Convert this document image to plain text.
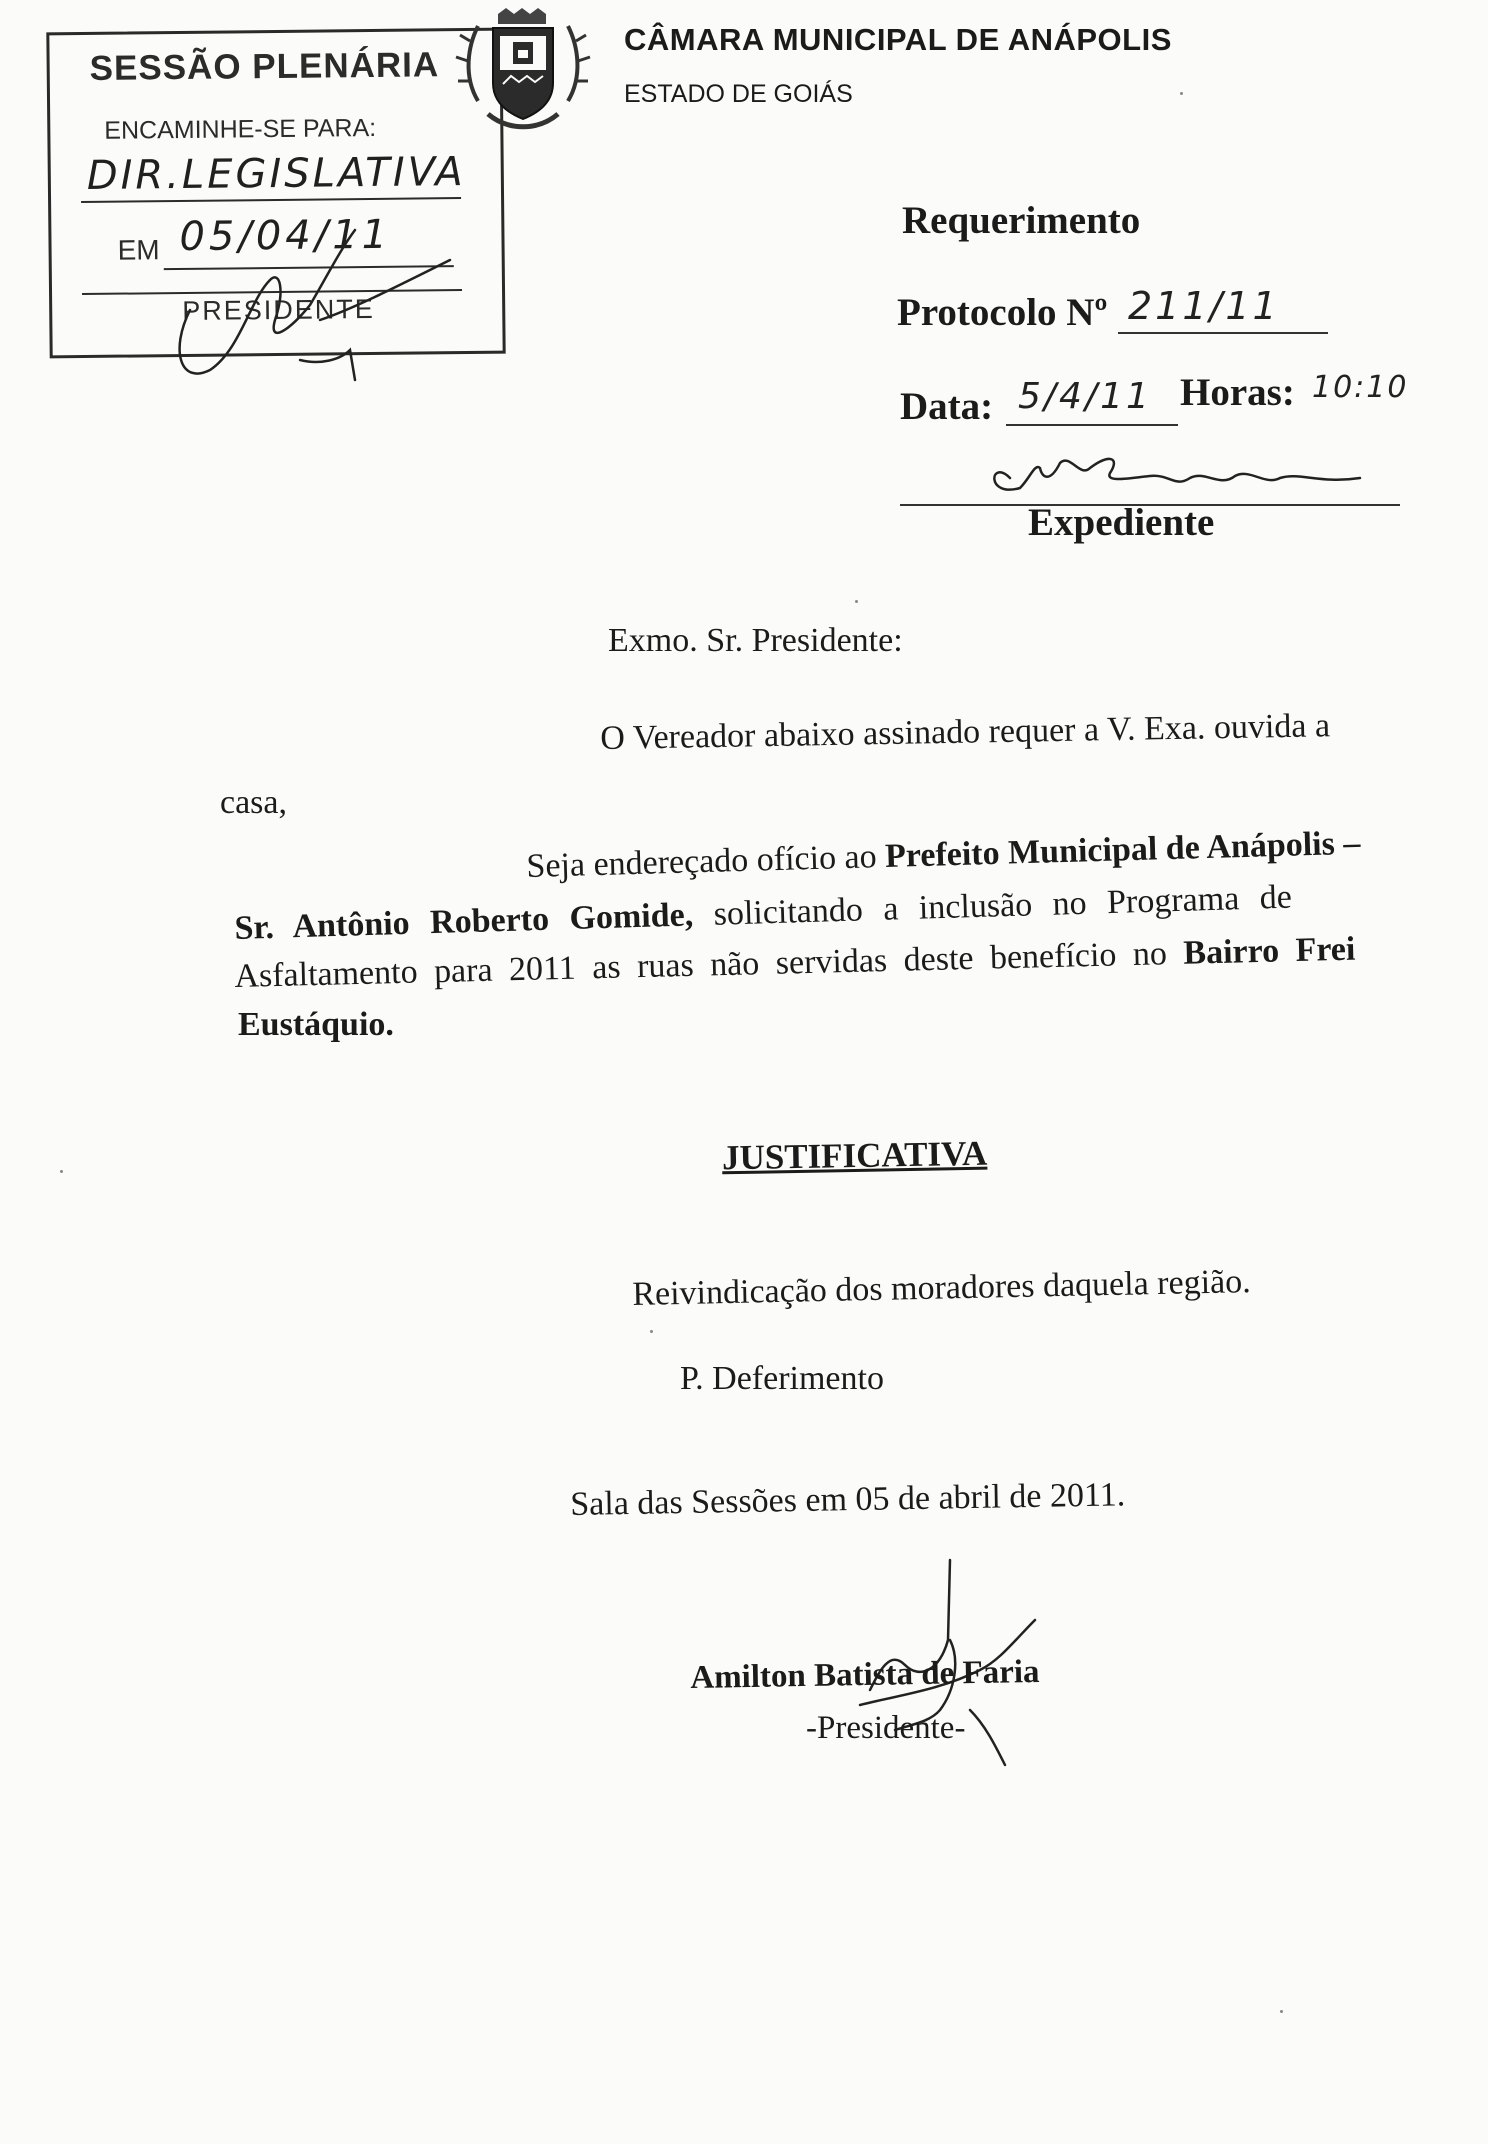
SESSÃO PLENÁRIA
ENCAMINHE-SE PARA:
DIR.LEGISLATIVA
EM 05/04/11
PRESIDENTE
CÂMARA MUNICIPAL DE ANÁPOLIS
ESTADO DE GOIÁS
Requerimento
Protocolo Nº 211/11
Data: 5/4/11 Horas: 10:10
Expediente
Exmo. Sr. Presidente:
O Vereador abaixo assinado requer a V. Exa. ouvida a
casa,
Seja endereçado ofício ao Prefeito Municipal de Anápolis –
Sr. Antônio Roberto Gomide, solicitando a inclusão no Programa de
Asfaltamento para 2011 as ruas não servidas deste benefício no Bairro Frei
Eustáquio.
JUSTIFICATIVA
Reivindicação dos moradores daquela região.
P. Deferimento
Sala das Sessões em 05 de abril de 2011.
Amilton Batista de Faria
-Presidente-
